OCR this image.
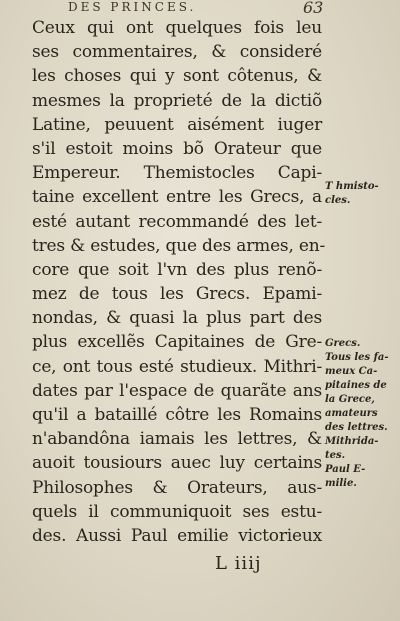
DES PRINCES.	63
Ceux qui ont quelques fois leu
ses commentaires, & consideré
les choses qui y sont côtenus, &
mesmes la proprieté de la dictiõ
Latine, peuuent aisément iuger
s'il estoit moins bõ Orateur que
Empereur. Themistocles Capi-
taine excellent entre les Grecs, a
esté autant recommandé des let-
tres & estudes, que des armes, en-
core que soit l'vn des plus renõ-
mez de tous les Grecs. Epami-
nondas, & quasi la plus part des
plus excellẽs Capitaines de Gre-
ce, ont tous esté studieux. Mithri-
dates par l'espace de quarãte ans
qu'il a bataillé côtre les Romains
n'abandôna iamais les lettres, &
auoit tousiours auec luy certains
Philosophes & Orateurs, aus-
quels il communiquoit ses estu-
des. Aussi Paul emilie victorieux
L iiij
T hmisto-
cles.
Grecs.
Tous les fa-
meux Ca-
pitaines de
la Grece,
amateurs
des lettres.
Mithrida-
tes.
Paul E-
milie.
